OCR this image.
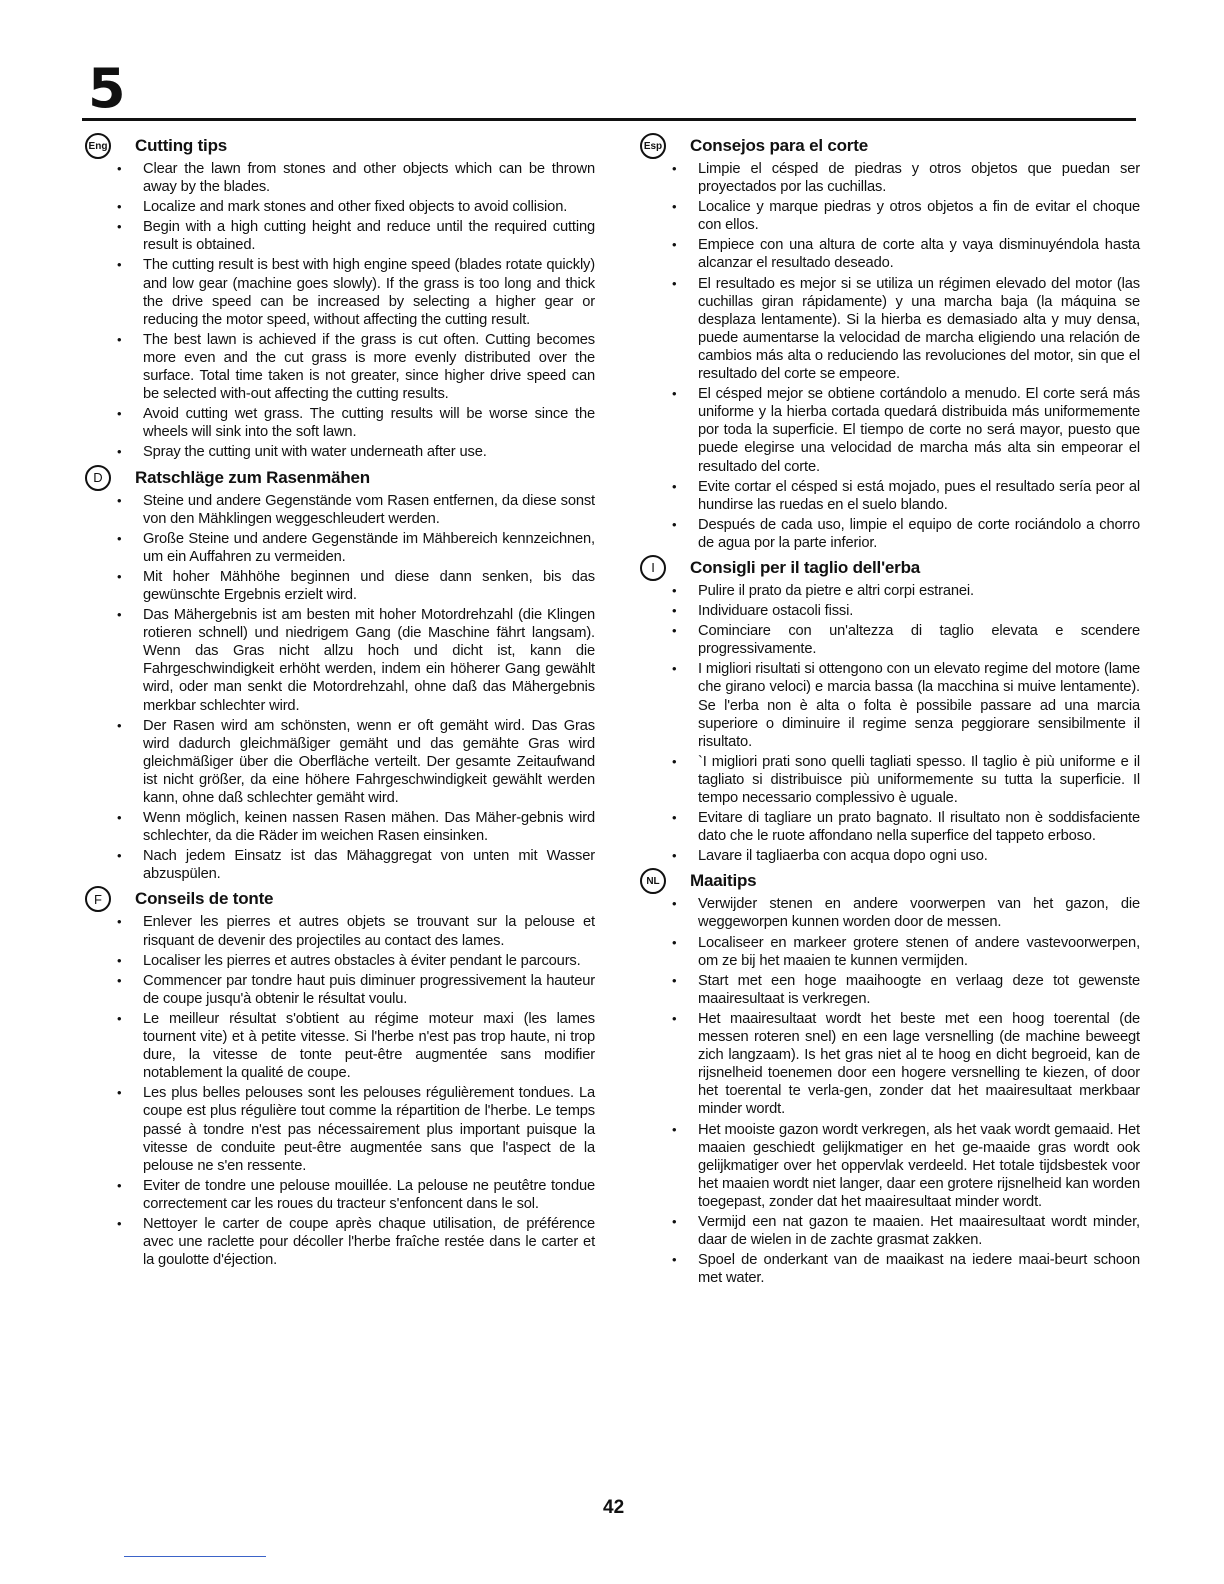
5
Eng Cutting tips
• Clear the lawn from stones and other objects which can be thrown away by the blades.
• Localize and mark stones and other fixed objects to avoid collision.
• Begin with a high cutting height and reduce until the required cutting result is obtained.
• The cutting result is best with high engine speed (blades rotate quickly) and low gear (machine goes slowly). If the grass is too long and thick the drive speed can be increased by selecting a higher gear or reducing the motor speed, without affecting the cutting result.
• The best lawn is achieved if the grass is cut often. Cutting becomes more even and the cut grass is more evenly distributed over the surface. Total time taken is not greater, since higher drive speed can be selected with-out affecting the cutting results.
• Avoid cutting wet grass. The cutting results will be worse since the wheels will sink into the soft lawn.
• Spray the cutting unit with water underneath after use.
D	Ratschläge zum Rasenmähen
• Steine und andere Gegenstände vom Rasen entfernen, da diese sonst von den Mähklingen weggeschleudert werden.
• Große Steine und andere Gegenstände im Mähbereich kennzeichnen, um ein Auffahren zu vermeiden.
• Mit hoher Mähhöhe beginnen und diese dann senken, bis das gewünschte Ergebnis erzielt wird.
• Das Mähergebnis ist am besten mit hoher Motordrehzahl (die Klingen rotieren schnell) und niedrigem Gang (die Maschine fährt langsam). Wenn das Gras nicht allzu hoch und dicht ist, kann die Fahrgeschwindigkeit erhöht werden, indem ein höherer Gang gewählt wird, oder man senkt die Motordrehzahl, ohne daß das Mähergebnis merkbar schlechter wird.
• Der Rasen wird am schönsten, wenn er oft gemäht wird. Das Gras wird dadurch gleichmäßiger gemäht und das gemähte Gras wird gleichmäßiger über die Oberfläche verteilt. Der gesamte Zeitaufwand ist nicht größer, da eine höhere Fahrgeschwindigkeit gewählt werden kann, ohne daß schlechter gemäht wird.
• Wenn möglich, keinen nassen Rasen mähen. Das Mäher-gebnis wird schlechter, da die Räder im weichen Rasen einsinken.
• Nach jedem Einsatz ist das Mähaggregat von unten mit Wasser abzuspülen.
F	Conseils de tonte
• Enlever les pierres et autres objets se trouvant sur la pelouse et risquant de devenir des projectiles au contact des lames.
• Localiser les pierres et autres obstacles à éviter pendant le parcours.
• Commencer par tondre haut puis diminuer progressivement la hauteur de coupe jusqu'à obtenir le résultat voulu.
• Le meilleur résultat s'obtient au régime moteur maxi (les lames tournent vite) et à petite vitesse. Si l'herbe n'est pas trop haute, ni trop dure, la vitesse de tonte peut-être augmentée sans modifier notablement la qualité de coupe.
• Les plus belles pelouses sont les pelouses régulièrement tondues. La coupe est plus régulière tout comme la répartition de l'herbe. Le temps passé à tondre n'est pas nécessairement plus important puisque la vitesse de conduite peut-être augmentée sans que l'aspect de la pelouse ne s'en ressente.
• Eviter de tondre une pelouse mouillée. La pelouse ne peutêtre tondue correctement car les roues du tracteur s'enfoncent dans le sol.
• Nettoyer le carter de coupe après chaque utilisation, de préférence avec une raclette pour décoller l'herbe fraîche restée dans le carter et la goulotte d'éjection.
Esp Consejos para el corte
• Limpie el césped de piedras y otros objetos que puedan ser proyectados por las cuchillas.
• Localice y marque piedras y otros objetos a fin de evitar el choque con ellos.
• Empiece con una altura de corte alta y vaya disminuyéndola hasta alcanzar el resultado deseado.
• El resultado es mejor si se utiliza un régimen elevado del motor (las cuchillas giran rápidamente) y una marcha baja (la máquina se desplaza lentamente). Si la hierba es demasiado alta y muy densa, puede aumentarse la velocidad de marcha eligiendo una relación de cambios más alta o reduciendo las revoluciones del motor, sin que el resultado del corte se empeore.
• El césped mejor se obtiene cortándolo a menudo. El corte será más uniforme y la hierba cortada quedará distribuida más uniformemente por toda la superficie. El tiempo de corte no será mayor, puesto que puede elegirse una velocidad de marcha más alta sin empeorar el resultado del corte.
• Evite cortar el césped si está mojado, pues el resultado sería peor al hundirse las ruedas en el suelo blando.
• Después de cada uso, limpie el equipo de corte rociándolo a chorro de agua por la parte inferior.
I	Consigli per il taglio dell'erba
• Pulire il prato da pietre e altri corpi estranei.
• Individuare ostacoli fissi.
• Cominciare con un'altezza di taglio elevata e scendere progressivamente.
• I migliori risultati si ottengono con un elevato regime del motore (lame che girano veloci) e marcia bassa (la macchina si muive lentamente). Se l'erba non è alta o folta è possibile passare ad una marcia superiore o diminuire il regime senza peggiorare sensibilmente il risultato.
• `I migliori prati sono quelli tagliati spesso. Il taglio è più uniforme e il tagliato si distribuisce più uniformemente su tutta la superficie. Il tempo necessario complessivo è uguale.
• Evitare di tagliare un prato bagnato. Il risultato non è soddisfaciente dato che le ruote affondano nella superfice del tappeto erboso.
• Lavare il tagliaerba con acqua dopo ogni uso.
NL	Maaitips
• Verwijder stenen en andere voorwerpen van het gazon, die weggeworpen kunnen worden door de messen.
• Localiseer en markeer grotere stenen of andere vastevoorwerpen, om ze bij het maaien te kunnen vermijden.
• Start met een hoge maaihoogte en verlaag deze tot gewenste maairesultaat is verkregen.
• Het maairesultaat wordt het beste met een hoog toerental (de messen roteren snel) en een lage versnelling (de machine beweegt zich langzaam). Is het gras niet al te hoog en dicht begroeid, kan de rijsnelheid toenemen door een hogere versnelling te kiezen, of door het toerental te verla-gen, zonder dat het maairesultaat merkbaar minder wordt.
• Het mooiste gazon wordt verkregen, als het vaak wordt gemaaid. Het maaien geschiedt gelijkmatiger en het ge-maaide gras wordt ook gelijkmatiger over het oppervlak verdeeld. Het totale tijdsbestek voor het maaien wordt niet langer, daar een grotere rijsnelheid kan worden toegepast, zonder dat het maairesultaat minder wordt.
• Vermijd een nat gazon te maaien. Het maairesultaat wordt minder, daar de wielen in de zachte grasmat zakken.
• Spoel de onderkant van de maaikast na iedere maai-beurt schoon met water.
42
